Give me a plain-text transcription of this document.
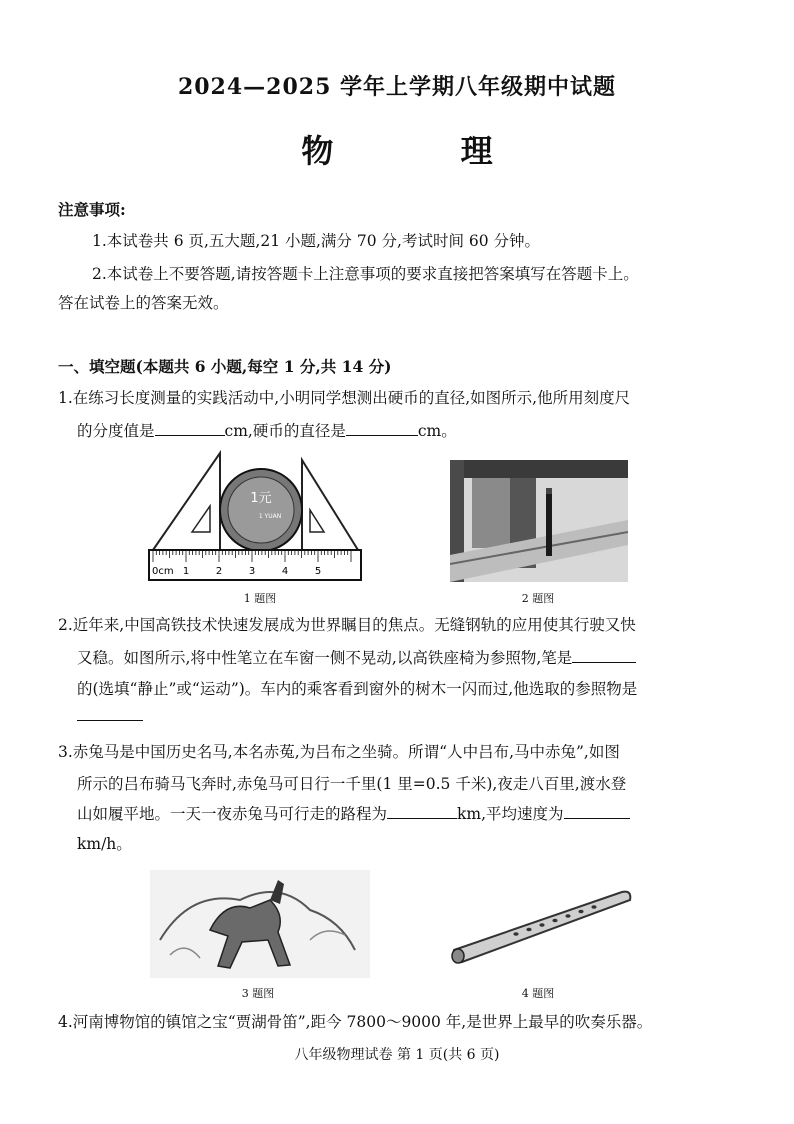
2024—2025 学年上学期八年级期中试题
物 理
注意事项:
1.本试卷共 6 页,五大题,21 小题,满分 70 分,考试时间 60 分钟。
2.本试卷上不要答题,请按答题卡上注意事项的要求直接把答案填写在答题卡上。
答在试卷上的答案无效。
一、填空题(本题共 6 小题,每空 1 分,共 14 分)
1.在练习长度测量的实践活动中,小明同学想测出硬币的直径,如图所示,他所用刻度尺
的分度值是	cm,硬币的直径是	cm。
1元
1 YUAN
0cm 1	2	3	4	5
1 题图	2 题图
2.近年来,中国高铁技术快速发展成为世界瞩目的焦点。无缝钢轨的应用使其行驶又快
又稳。如图所示,将中性笔立在车窗一侧不晃动,以高铁座椅为参照物,笔是
的(选填“静止”或“运动”)。车内的乘客看到窗外的树木一闪而过,他选取的参照物是
3.赤兔马是中国历史名马,本名赤菟,为吕布之坐骑。所谓“人中吕布,马中赤兔”,如图
所示的吕布骑马飞奔时,赤兔马可日行一千里(1 里=0.5 千米),夜走八百里,渡水登
山如履平地。一天一夜赤兔马可行走的路程为	km,平均速度为
km/h。
3 题图	4 题图
4.河南博物馆的镇馆之宝“贾湖骨笛”,距今 7800～9000 年,是世界上最早的吹奏乐器。
八年级物理试卷 第 1 页(共 6 页)
